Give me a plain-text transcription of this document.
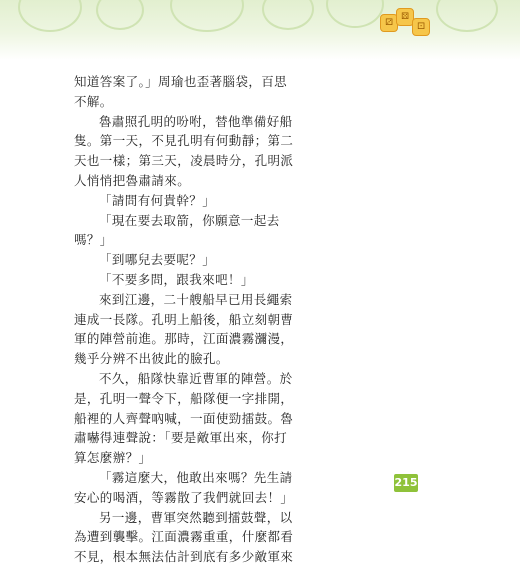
⚂
⚄
⚀

知道答案了。」周瑜也歪著腦袋，百思

不解。

魯肅照孔明的吩咐，替他準備好船

隻。第一天，不見孔明有何動靜；第二

天也一樣；第三天，凌晨時分，孔明派

人悄悄把魯肅請來。

「請問有何貴幹？」

「現在要去取箭，你願意一起去

嗎？」

「到哪兒去要呢？」

「不要多問，跟我來吧！」

來到江邊，二十艘船早已用長繩索

連成一長隊。孔明上船後，船立刻朝曹

軍的陣營前進。那時，江面濃霧瀰漫，

幾乎分辨不出彼此的臉孔。

不久，船隊快靠近曹軍的陣營。於

是，孔明一聲令下，船隊便一字排開，

船裡的人齊聲吶喊，一面使勁擂鼓。魯

肅嚇得連聲說：「要是敵軍出來，你打

算怎麼辦？」

「霧這麼大，他敢出來嗎？先生請

安心的喝酒，等霧散了我們就回去！」

另一邊，曹軍突然聽到擂鼓聲，以

為遭到襲擊。江面濃霧重重，什麼都看

不見，根本無法估計到底有多少敵軍來

215
